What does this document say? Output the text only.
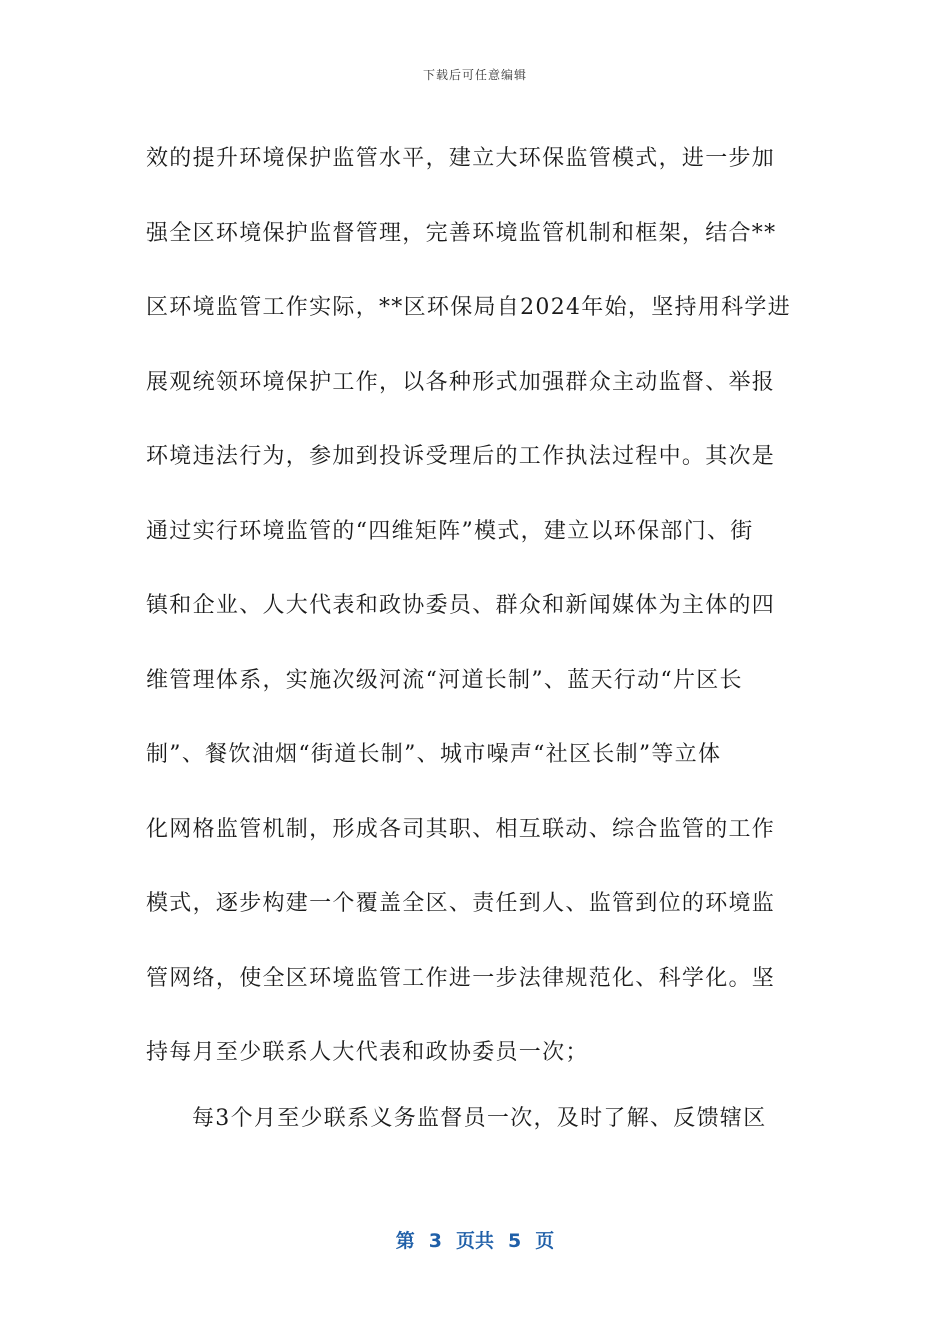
下载后可任意编辑
效的提升环境保护监管水平，建立大环保监管模式，进一步加
强全区环境保护监督管理，完善环境监管机制和框架，结合**
区环境监管工作实际，**区环保局自2024年始，坚持用科学进
展观统领环境保护工作，以各种形式加强群众主动监督、举报
环境违法行为，参加到投诉受理后的工作执法过程中。其次是
通过实行环境监管的“四维矩阵”模式，建立以环保部门、街
镇和企业、人大代表和政协委员、群众和新闻媒体为主体的四
维管理体系，实施次级河流“河道长制”、蓝天行动“片区长
制”、餐饮油烟“街道长制”、城市噪声“社区长制”等立体
化网格监管机制，形成各司其职、相互联动、综合监管的工作
模式，逐步构建一个覆盖全区、责任到人、监管到位的环境监
管网络，使全区环境监管工作进一步法律规范化、科学化。坚
持每月至少联系人大代表和政协委员一次；
每3个月至少联系义务监督员一次，及时了解、反馈辖区
第 3 页共 5 页
